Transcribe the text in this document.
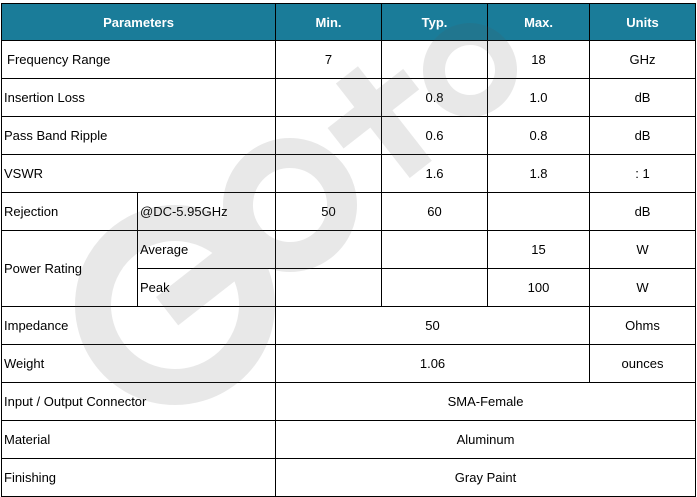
Parameters		Min.	Typ.	Max.	Units
Frequency Range		7		18	GHz
Insertion Loss			0.8	1.0	dB
Pass Band Ripple			0.6	0.8	dB
VSWR			1.6	1.8	: 1
Rejection	@DC-5.95GHz	50	60		dB
Power Rating	Average			15	W
	Peak			100	W
Impedance		50			Ohms
Weight		1.06			ounces
Input / Output Connector		SMA-Female			
Material		Aluminum			
Finishing		Gray Paint			
